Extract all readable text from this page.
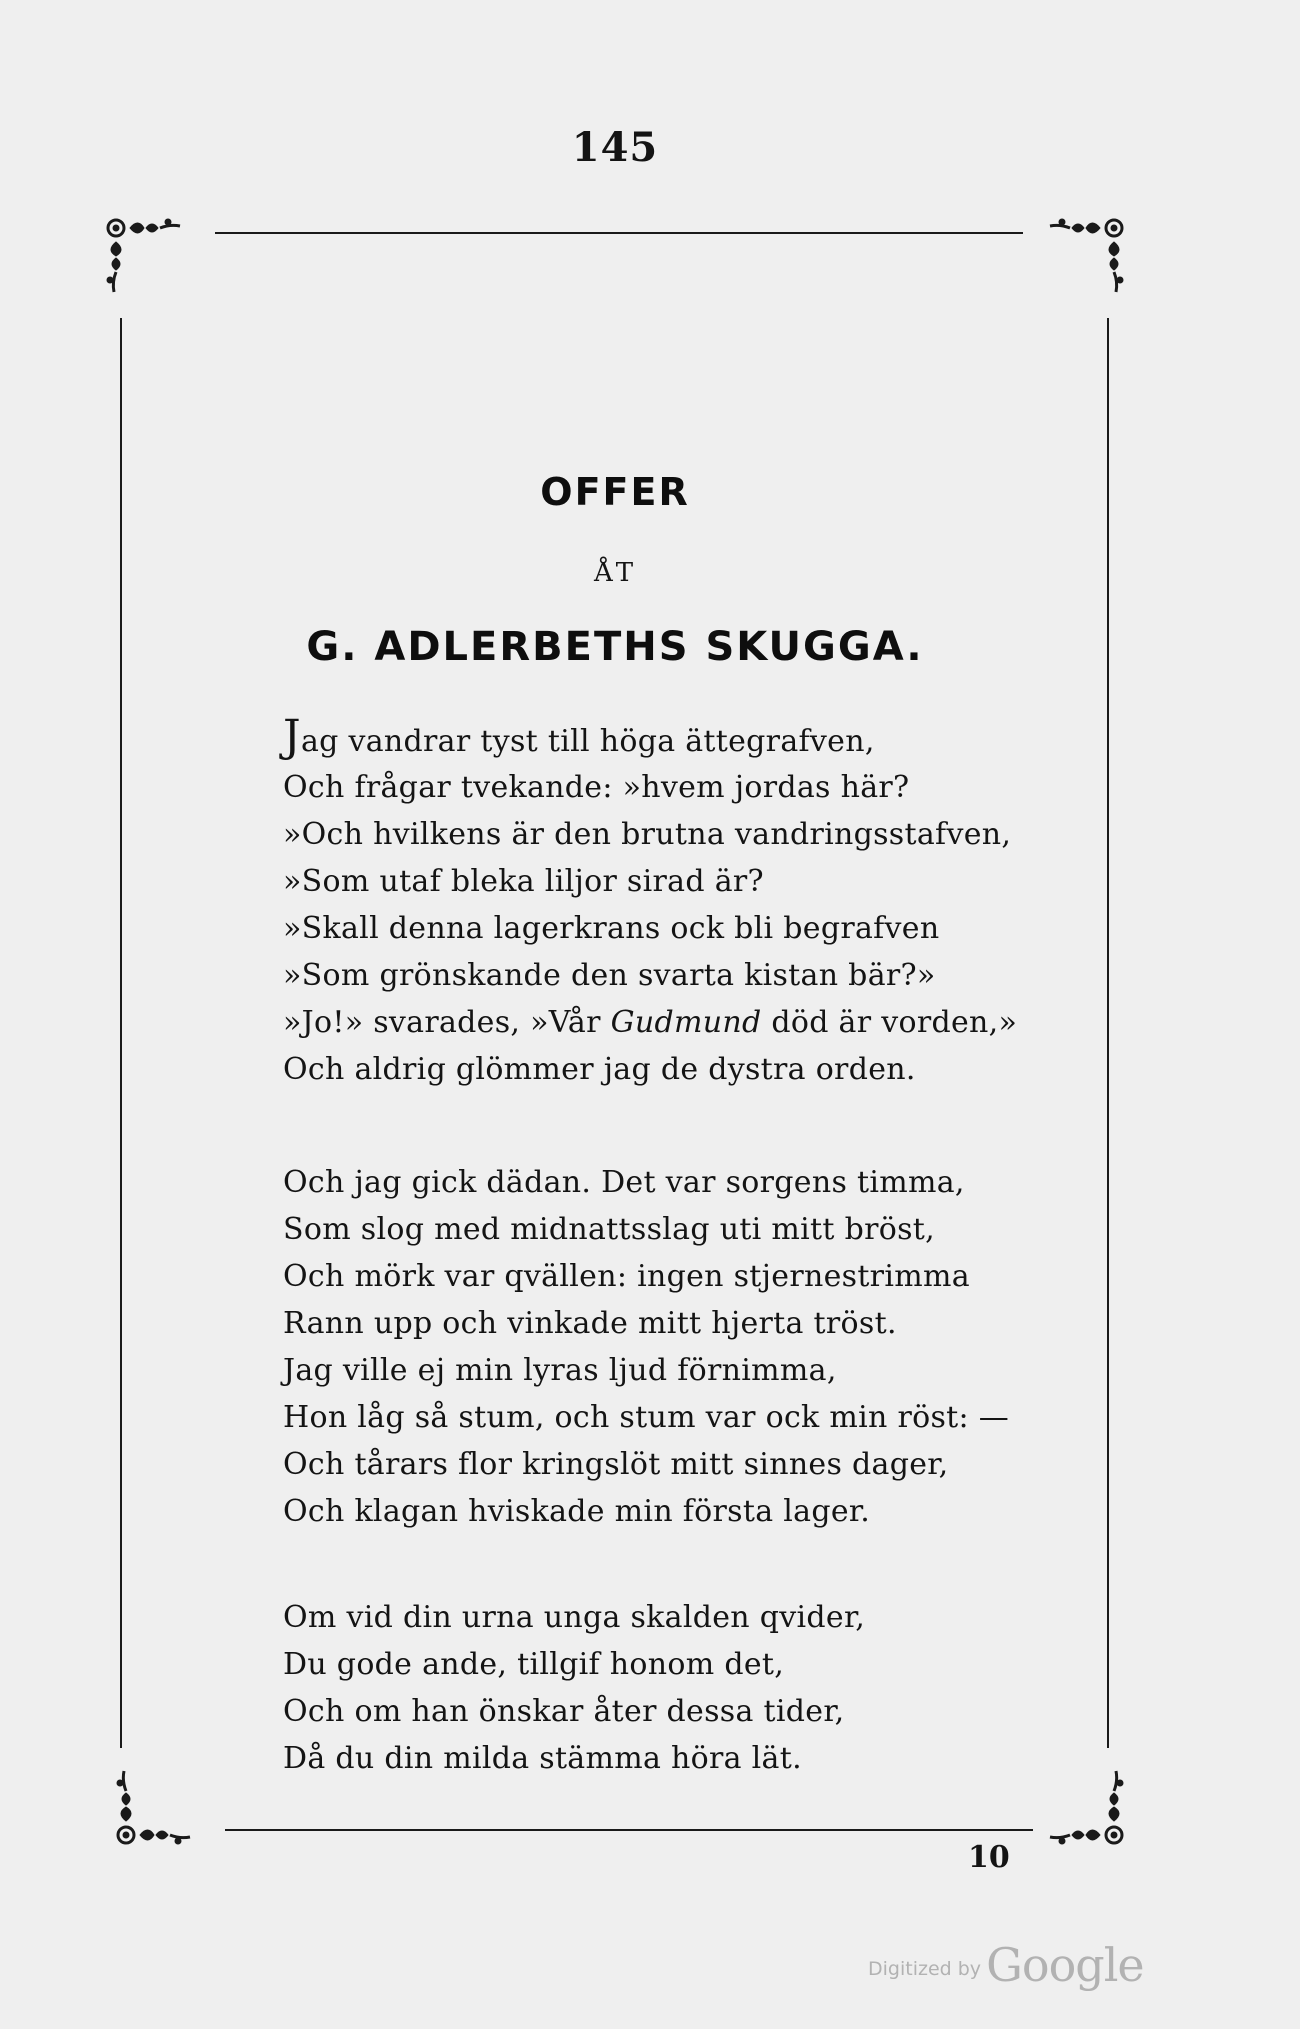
145
OFFER
ÅT
G. ADLERBETHS SKUGGA.
Jag vandrar tyst till höga ättegrafven,
Och frågar tvekande: »hvem jordas här?
»Och hvilkens är den brutna vandringsstafven,
»Som utaf bleka liljor sirad är?
»Skall denna lagerkrans ock bli begrafven
»Som grönskande den svarta kistan bär?»
»Jo!» svarades, »Vår Gudmund död är vorden,»
Och aldrig glömmer jag de dystra orden.
Och jag gick dädan. Det var sorgens timma,
Som slog med midnattsslag uti mitt bröst,
Och mörk var qvällen: ingen stjernestrimma
Rann upp och vinkade mitt hjerta tröst.
Jag ville ej min lyras ljud förnimma,
Hon låg så stum, och stum var ock min röst: —
Och tårars flor kringslöt mitt sinnes dager,
Och klagan hviskade min första lager.
Om vid din urna unga skalden qvider,
Du gode ande, tillgif honom det,
Och om han önskar åter dessa tider,
Då du din milda stämma höra lät.
10
Digitized by Google
